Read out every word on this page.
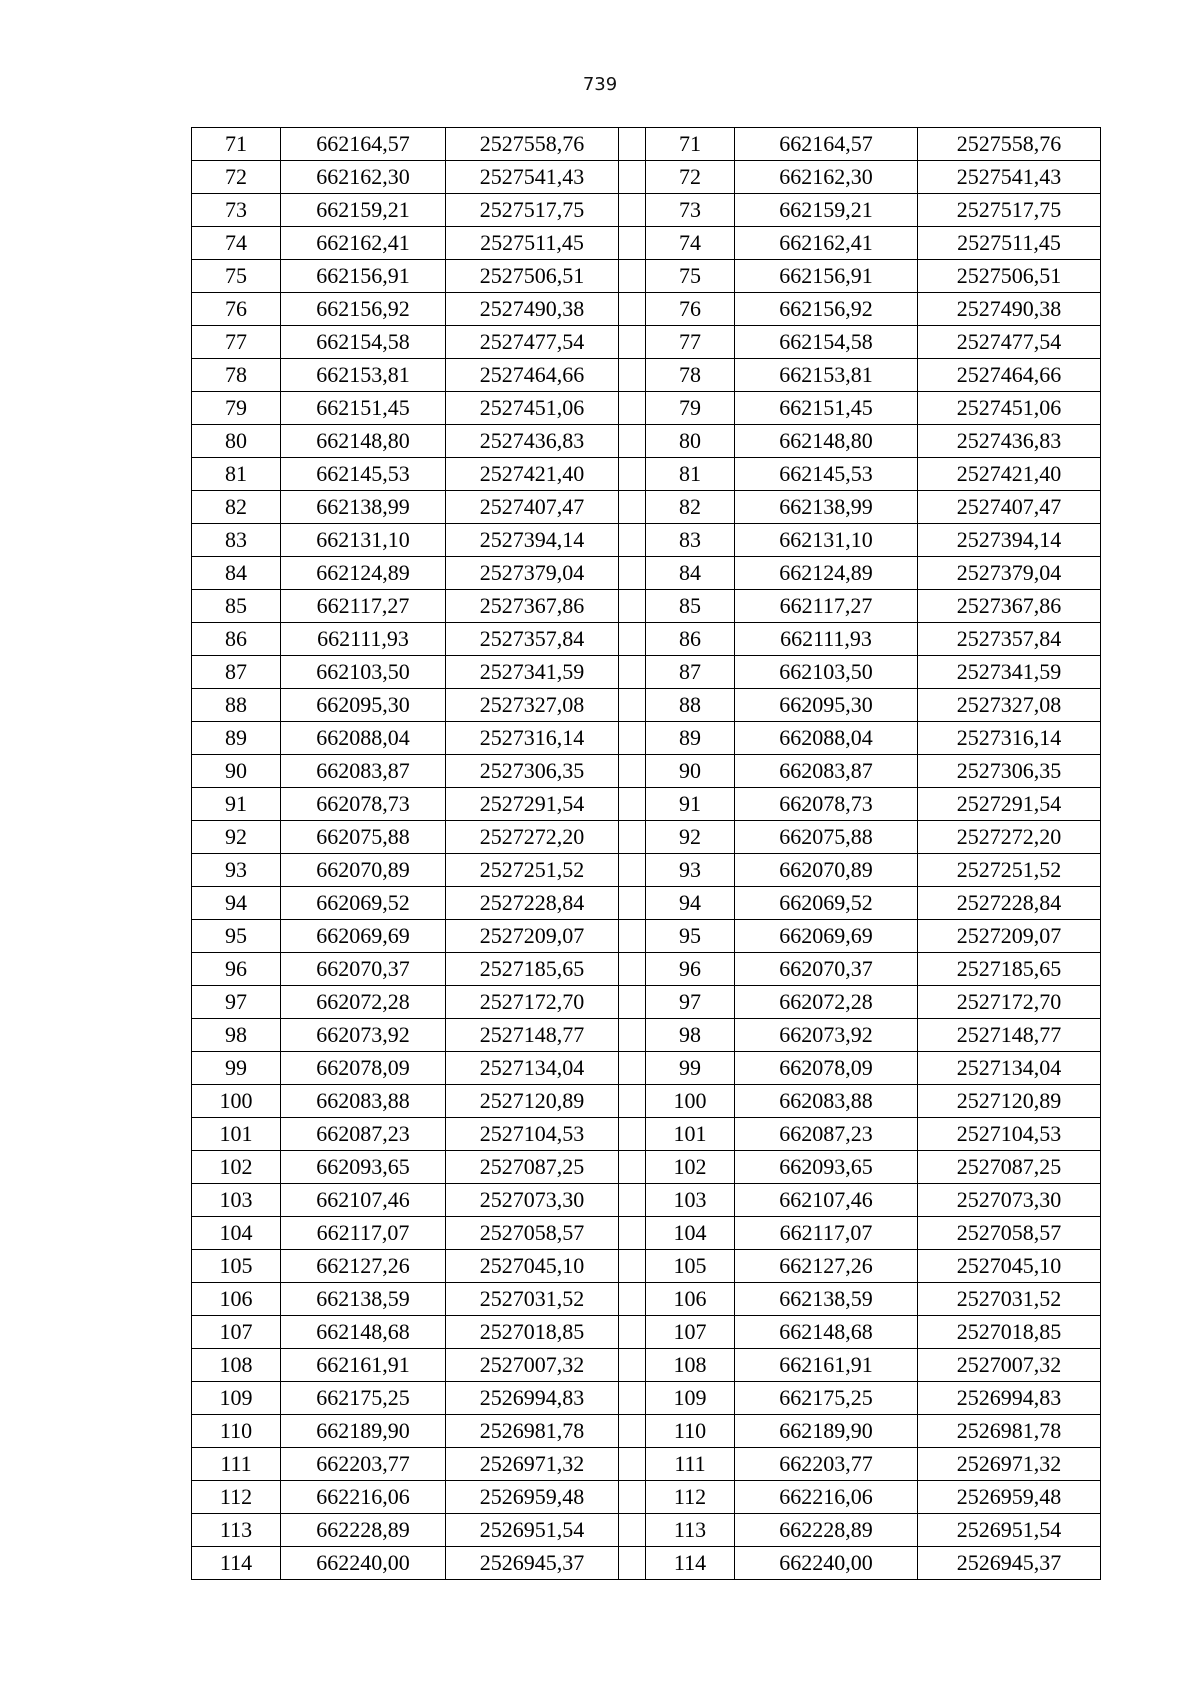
739
71	662164,57	2527558,76		71	662164,57	2527558,76
72	662162,30	2527541,43		72	662162,30	2527541,43
73	662159,21	2527517,75		73	662159,21	2527517,75
74	662162,41	2527511,45		74	662162,41	2527511,45
75	662156,91	2527506,51		75	662156,91	2527506,51
76	662156,92	2527490,38		76	662156,92	2527490,38
77	662154,58	2527477,54		77	662154,58	2527477,54
78	662153,81	2527464,66		78	662153,81	2527464,66
79	662151,45	2527451,06		79	662151,45	2527451,06
80	662148,80	2527436,83		80	662148,80	2527436,83
81	662145,53	2527421,40		81	662145,53	2527421,40
82	662138,99	2527407,47		82	662138,99	2527407,47
83	662131,10	2527394,14		83	662131,10	2527394,14
84	662124,89	2527379,04		84	662124,89	2527379,04
85	662117,27	2527367,86		85	662117,27	2527367,86
86	662111,93	2527357,84		86	662111,93	2527357,84
87	662103,50	2527341,59		87	662103,50	2527341,59
88	662095,30	2527327,08		88	662095,30	2527327,08
89	662088,04	2527316,14		89	662088,04	2527316,14
90	662083,87	2527306,35		90	662083,87	2527306,35
91	662078,73	2527291,54		91	662078,73	2527291,54
92	662075,88	2527272,20		92	662075,88	2527272,20
93	662070,89	2527251,52		93	662070,89	2527251,52
94	662069,52	2527228,84		94	662069,52	2527228,84
95	662069,69	2527209,07		95	662069,69	2527209,07
96	662070,37	2527185,65		96	662070,37	2527185,65
97	662072,28	2527172,70		97	662072,28	2527172,70
98	662073,92	2527148,77		98	662073,92	2527148,77
99	662078,09	2527134,04		99	662078,09	2527134,04
100	662083,88	2527120,89		100	662083,88	2527120,89
101	662087,23	2527104,53		101	662087,23	2527104,53
102	662093,65	2527087,25		102	662093,65	2527087,25
103	662107,46	2527073,30		103	662107,46	2527073,30
104	662117,07	2527058,57		104	662117,07	2527058,57
105	662127,26	2527045,10		105	662127,26	2527045,10
106	662138,59	2527031,52		106	662138,59	2527031,52
107	662148,68	2527018,85		107	662148,68	2527018,85
108	662161,91	2527007,32		108	662161,91	2527007,32
109	662175,25	2526994,83		109	662175,25	2526994,83
110	662189,90	2526981,78		110	662189,90	2526981,78
111	662203,77	2526971,32		111	662203,77	2526971,32
112	662216,06	2526959,48		112	662216,06	2526959,48
113	662228,89	2526951,54		113	662228,89	2526951,54
114	662240,00	2526945,37		114	662240,00	2526945,37
